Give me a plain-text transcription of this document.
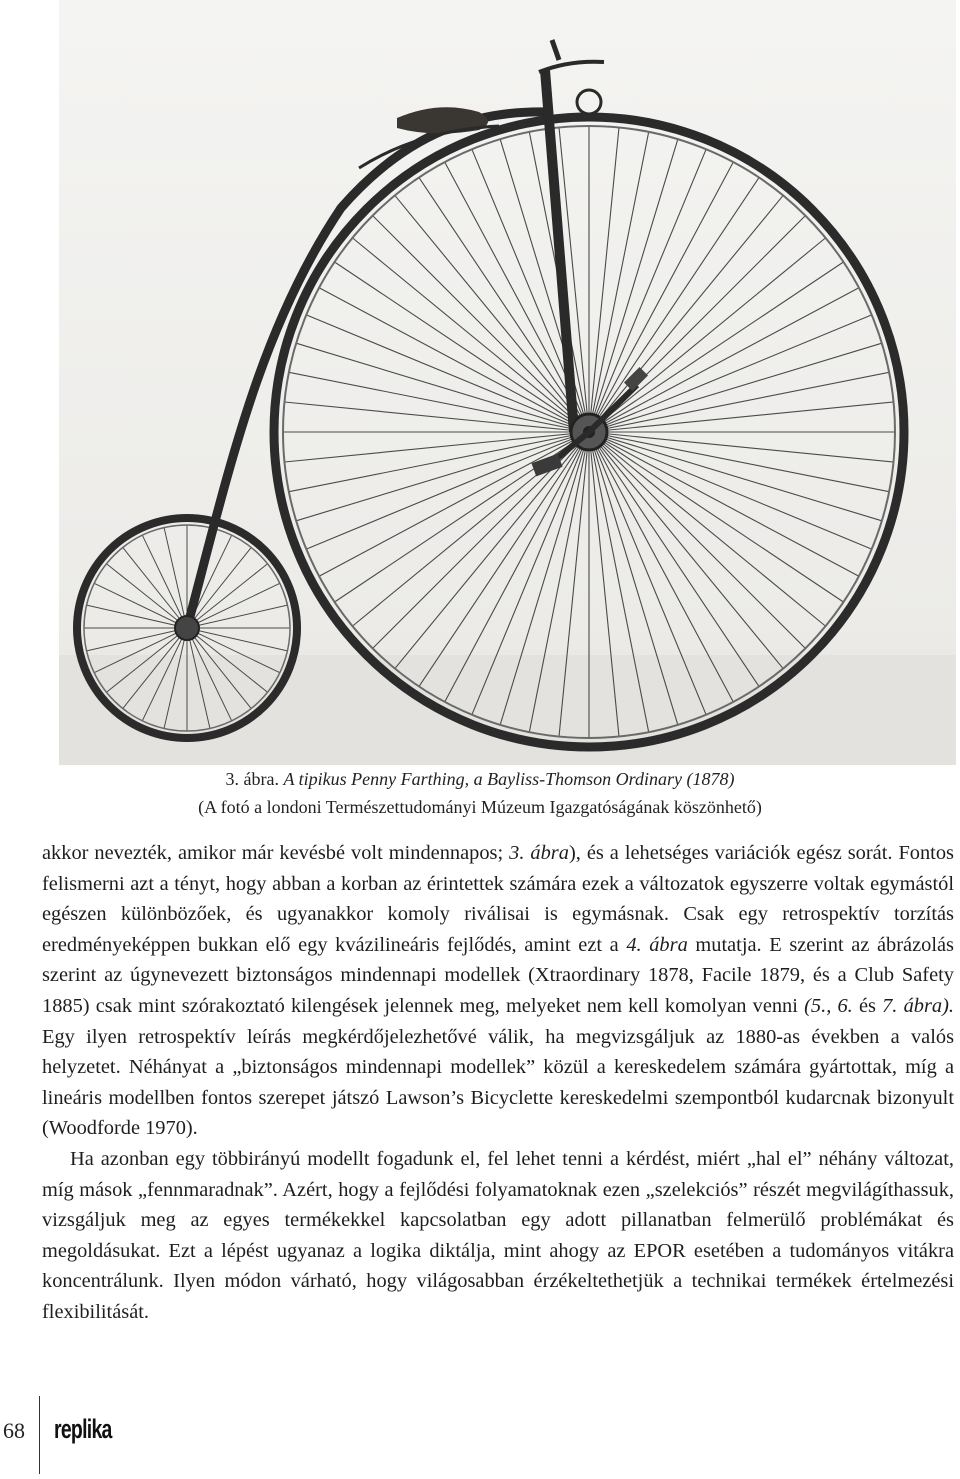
3. ábra. A tipikus Penny Farthing, a Bayliss-Thomson Ordinary (1878)
(A fotó a londoni Természettudományi Múzeum Igazgatóságának köszönhető)

akkor nevezték, amikor már kevésbé volt mindennapos; 3. ábra), és a lehetséges variációk egész sorát. Fontos felismerni azt a tényt, hogy abban a korban az érintettek számára ezek a változatok egyszerre voltak egymástól egészen különbözőek, és ugyanakkor komoly riválisai is egymásnak. Csak egy retrospektív torzítás eredményeképpen bukkan elő egy kvázilineáris fejlődés, amint ezt a 4. ábra mutatja. E szerint az ábrázolás szerint az úgynevezett biztonságos mindennapi modellek (Xtraordinary 1878, Facile 1879, és a Club Safety 1885) csak mint szórakoztató kilengések jelennek meg, melyeket nem kell komolyan venni (5., 6. és 7. ábra). Egy ilyen retrospektív leírás megkérdőjelezhetővé válik, ha megvizsgáljuk az 1880-as években a valós helyzetet. Néhányat a „biztonságos mindennapi modellek” közül a kereskedelem számára gyártottak, míg a lineáris modellben fontos szerepet játszó Lawson’s Bicyclette kereskedelmi szempontból kudarcnak bizonyult (Woodforde 1970).

Ha azonban egy többirányú modellt fogadunk el, fel lehet tenni a kérdést, miért „hal el” néhány változat, míg mások „fennmaradnak”. Azért, hogy a fejlődési folyamatoknak ezen „szelekciós” részét megvilágíthassuk, vizsgáljuk meg az egyes termékekkel kapcsolatban egy adott pillanatban felmerülő problémákat és megoldásukat. Ezt a lépést ugyanaz a logika diktálja, mint ahogy az EPOR esetében a tudományos vitákra koncentrálunk. Ilyen módon várható, hogy világosabban érzékeltethetjük a technikai termékek értelmezési flexibilitását.

68 replika
